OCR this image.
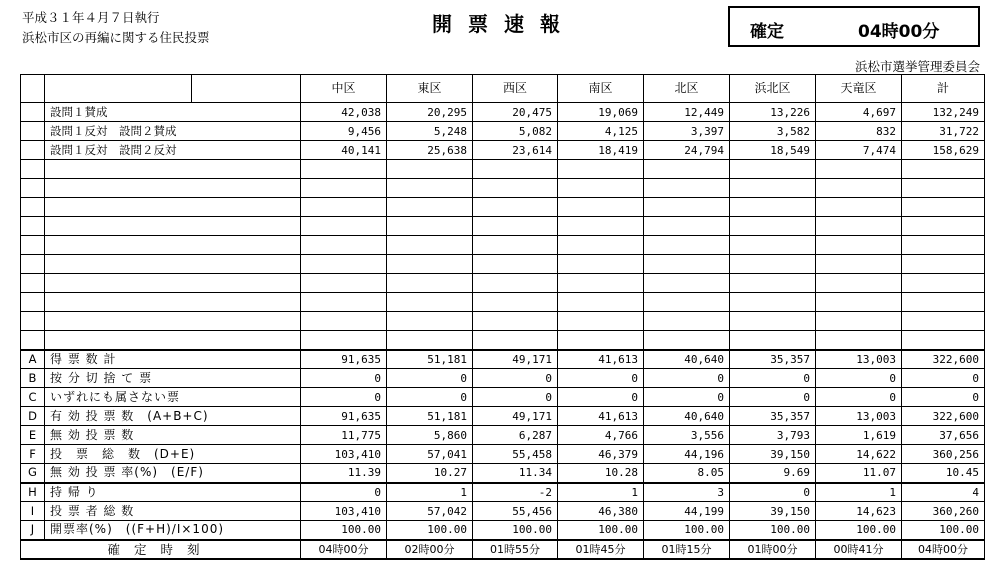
平成３１年４月７日執行
浜松市区の再編に関する住民投票
開票速報	確定	04時00分
浜松市選挙管理委員会
			中区	東区	西区	南区	北区	浜北区	天竜区	計
	設問１賛成		42,038	20,295	20,475	19,069	12,449	13,226	4,697	132,249
	設問１反対　設問２賛成		9,456	5,248	5,082	4,125	3,397	3,582	832	31,722
	設問１反対　設問２反対		40,141	25,638	23,614	18,419	24,794	18,549	7,474	158,629

A	得 票 数 計		91,635	51,181	49,171	41,613	40,640	35,357	13,003	322,600
B	按 分 切 捨 て 票		0	0	0	0	0	0	0	0
C	いずれにも属さない票		0	0	0	0	0	0	0	0
D	有 効 投 票 数　(A+B+C)		91,635	51,181	49,171	41,613	40,640	35,357	13,003	322,600
E	無 効 投 票 数		11,775	5,860	6,287	4,766	3,556	3,793	1,619	37,656
F	投　票　総　数　(D+E)		103,410	57,041	55,458	46,379	44,196	39,150	14,622	360,256
G	無 効 投 票 率(%)　(E/F)		11.39	10.27	11.34	10.28	8.05	9.69	11.07	10.45
H	持 帰 り		0	1	-2	1	3	0	1	4
I	投 票 者 総 数		103,410	57,042	55,456	46,380	44,199	39,150	14,623	360,260
J	開票率(%)　((F+H)/I×100)		100.00	100.00	100.00	100.00	100.00	100.00	100.00	100.00
確定時刻			04時00分	02時00分	01時55分	01時45分	01時15分	01時00分	00時41分	04時00分
